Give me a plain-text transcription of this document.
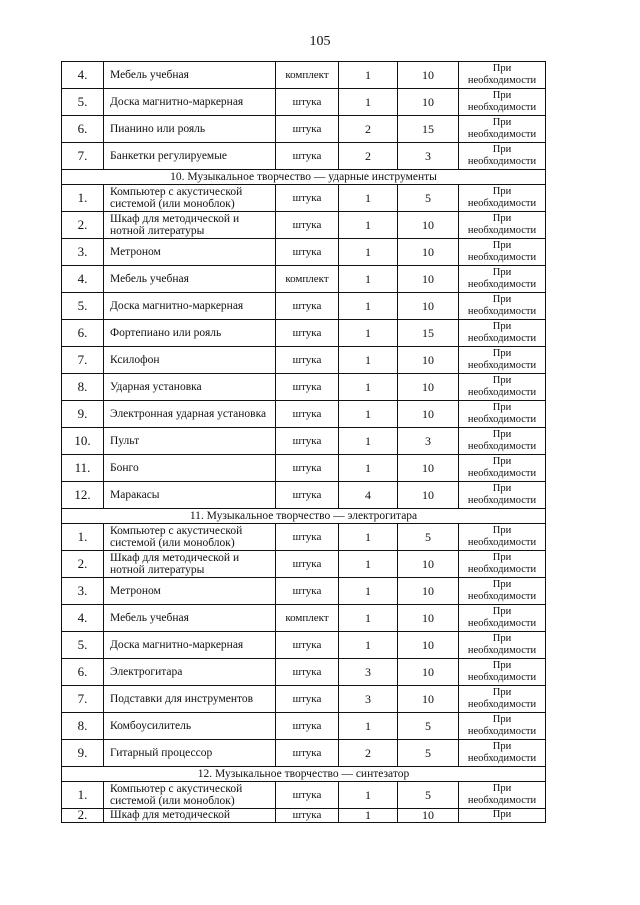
105
4.	Мебель учебная	комплект	1	10	При необходимости
5.	Доска магнитно-маркерная	штука	1	10	При необходимости
6.	Пианино или рояль	штука	2	15	При необходимости
7.	Банкетки регулируемые	штука	2	3	При необходимости
10. Музыкальное творчество — ударные инструменты					
1.	Компьютер с акустической системой (или моноблок)	штука	1	5	При необходимости
2.	Шкаф для методической и нотной литературы	штука	1	10	При необходимости
3.	Метроном	штука	1	10	При необходимости
4.	Мебель учебная	комплект	1	10	При необходимости
5.	Доска магнитно-маркерная	штука	1	10	При необходимости
6.	Фортепиано или рояль	штука	1	15	При необходимости
7.	Ксилофон	штука	1	10	При необходимости
8.	Ударная установка	штука	1	10	При необходимости
9.	Электронная ударная установка	штука	1	10	При необходимости
10.	Пульт	штука	1	3	При необходимости
11.	Бонго	штука	1	10	При необходимости
12.	Маракасы	штука	4	10	При необходимости
11. Музыкальное творчество — электрогитара					
1.	Компьютер с акустической системой (или моноблок)	штука	1	5	При необходимости
2.	Шкаф для методической и нотной литературы	штука	1	10	При необходимости
3.	Метроном	штука	1	10	При необходимости
4.	Мебель учебная	комплект	1	10	При необходимости
5.	Доска магнитно-маркерная	штука	1	10	При необходимости
6.	Электрогитара	штука	3	10	При необходимости
7.	Подставки для инструментов	штука	3	10	При необходимости
8.	Комбоусилитель	штука	1	5	При необходимости
9.	Гитарный процессор	штука	2	5	При необходимости
12. Музыкальное творчество — синтезатор					
1.	Компьютер с акустической системой (или моноблок)	штука	1	5	При необходимости
2.	Шкаф для методической	штука	1	10	При
